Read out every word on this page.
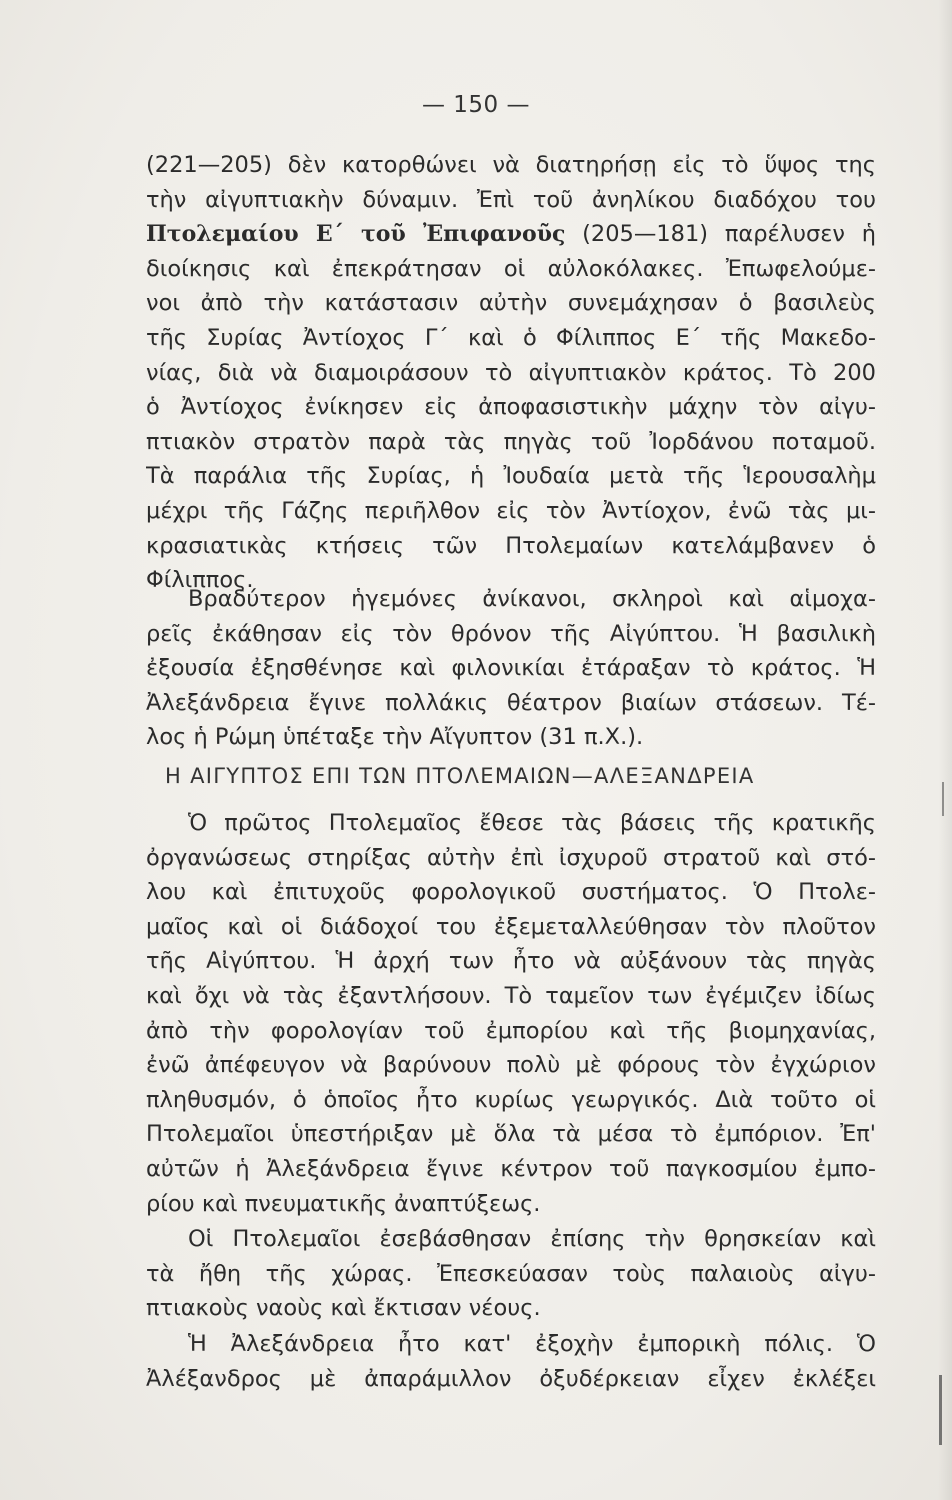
— 150 —
(221—205) δὲν κατορθώνει νὰ διατηρήσῃ εἰς τὸ ὕψος της
τὴν αἰγυπτιακὴν δύναμιν. Ἐπὶ τοῦ ἀνηλίκου διαδόχου του
Πτολεμαίου Ε΄ τοῦ Ἐπιφανοῦς (205—181) παρέλυσεν ἡ
διοίκησις καὶ ἐπεκράτησαν οἱ αὐλοκόλακες. Ἐπωφελούμε-
νοι ἀπὸ τὴν κατάστασιν αὐτὴν συνεμάχησαν ὁ βασιλεὺς
τῆς Συρίας Ἀντίοχος Γ΄ καὶ ὁ Φίλιππος Ε΄ τῆς Μακεδο-
νίας, διὰ νὰ διαμοιράσουν τὸ αἰγυπτιακὸν κράτος. Τὸ 200
ὁ Ἀντίοχος ἐνίκησεν εἰς ἀποφασιστικὴν μάχην τὸν αἰγυ-
πτιακὸν στρατὸν παρὰ τὰς πηγὰς τοῦ Ἰορδάνου ποταμοῦ.
Τὰ παράλια τῆς Συρίας, ἡ Ἰουδαία μετὰ τῆς Ἱερουσαλὴμ
μέχρι τῆς Γάζης περιῆλθον εἰς τὸν Ἀντίοχον, ἐνῶ τὰς μι-
κρασιατικὰς κτήσεις τῶν Πτολεμαίων κατελάμβανεν ὁ
Φίλιππος.
Βραδύτερον ἡγεμόνες ἀνίκανοι, σκληροὶ καὶ αἱμοχα-
ρεῖς ἐκάθησαν εἰς τὸν θρόνον τῆς Αἰγύπτου. Ἡ βασιλικὴ
ἐξουσία ἐξησθένησε καὶ φιλονικίαι ἐτάραξαν τὸ κράτος. Ἡ
Ἀλεξάνδρεια ἔγινε πολλάκις θέατρον βιαίων στάσεων. Τέ-
λος ἡ Ρώμη ὑπέταξε τὴν Αἴγυπτον (31 π.Χ.).
Η ΑΙΓΥΠΤΟΣ ΕΠΙ ΤΩΝ ΠΤΟΛΕΜΑΙΩΝ—ΑΛΕΞΑΝΔΡΕΙΑ
Ὁ πρῶτος Πτολεμαῖος ἔθεσε τὰς βάσεις τῆς κρατικῆς
ὀργανώσεως στηρίξας αὐτὴν ἐπὶ ἰσχυροῦ στρατοῦ καὶ στό-
λου καὶ ἐπιτυχοῦς φορολογικοῦ συστήματος. Ὁ Πτολε-
μαῖος καὶ οἱ διάδοχοί του ἐξεμεταλλεύθησαν τὸν πλοῦτον
τῆς Αἰγύπτου. Ἡ ἀρχή των ἦτο νὰ αὐξάνουν τὰς πηγὰς
καὶ ὄχι νὰ τὰς ἐξαντλήσουν. Τὸ ταμεῖον των ἐγέμιζεν ἰδίως
ἀπὸ τὴν φορολογίαν τοῦ ἐμπορίου καὶ τῆς βιομηχανίας,
ἐνῶ ἀπέφευγον νὰ βαρύνουν πολὺ μὲ φόρους τὸν ἐγχώριον
πληθυσμόν, ὁ ὁποῖος ἦτο κυρίως γεωργικός. Διὰ τοῦτο οἱ
Πτολεμαῖοι ὑπεστήριξαν μὲ ὅλα τὰ μέσα τὸ ἐμπόριον. Ἐπ'
αὐτῶν ἡ Ἀλεξάνδρεια ἔγινε κέντρον τοῦ παγκοσμίου ἐμπο-
ρίου καὶ πνευματικῆς ἀναπτύξεως.
Οἱ Πτολεμαῖοι ἐσεβάσθησαν ἐπίσης τὴν θρησκείαν καὶ
τὰ ἤθη τῆς χώρας. Ἐπεσκεύασαν τοὺς παλαιοὺς αἰγυ-
πτιακοὺς ναοὺς καὶ ἔκτισαν νέους.
Ἡ Ἀλεξάνδρεια ἦτο κατ' ἐξοχὴν ἐμπορικὴ πόλις. Ὁ
Ἀλέξανδρος μὲ ἀπαράμιλλον ὀξυδέρκειαν εἶχεν ἐκλέξει
